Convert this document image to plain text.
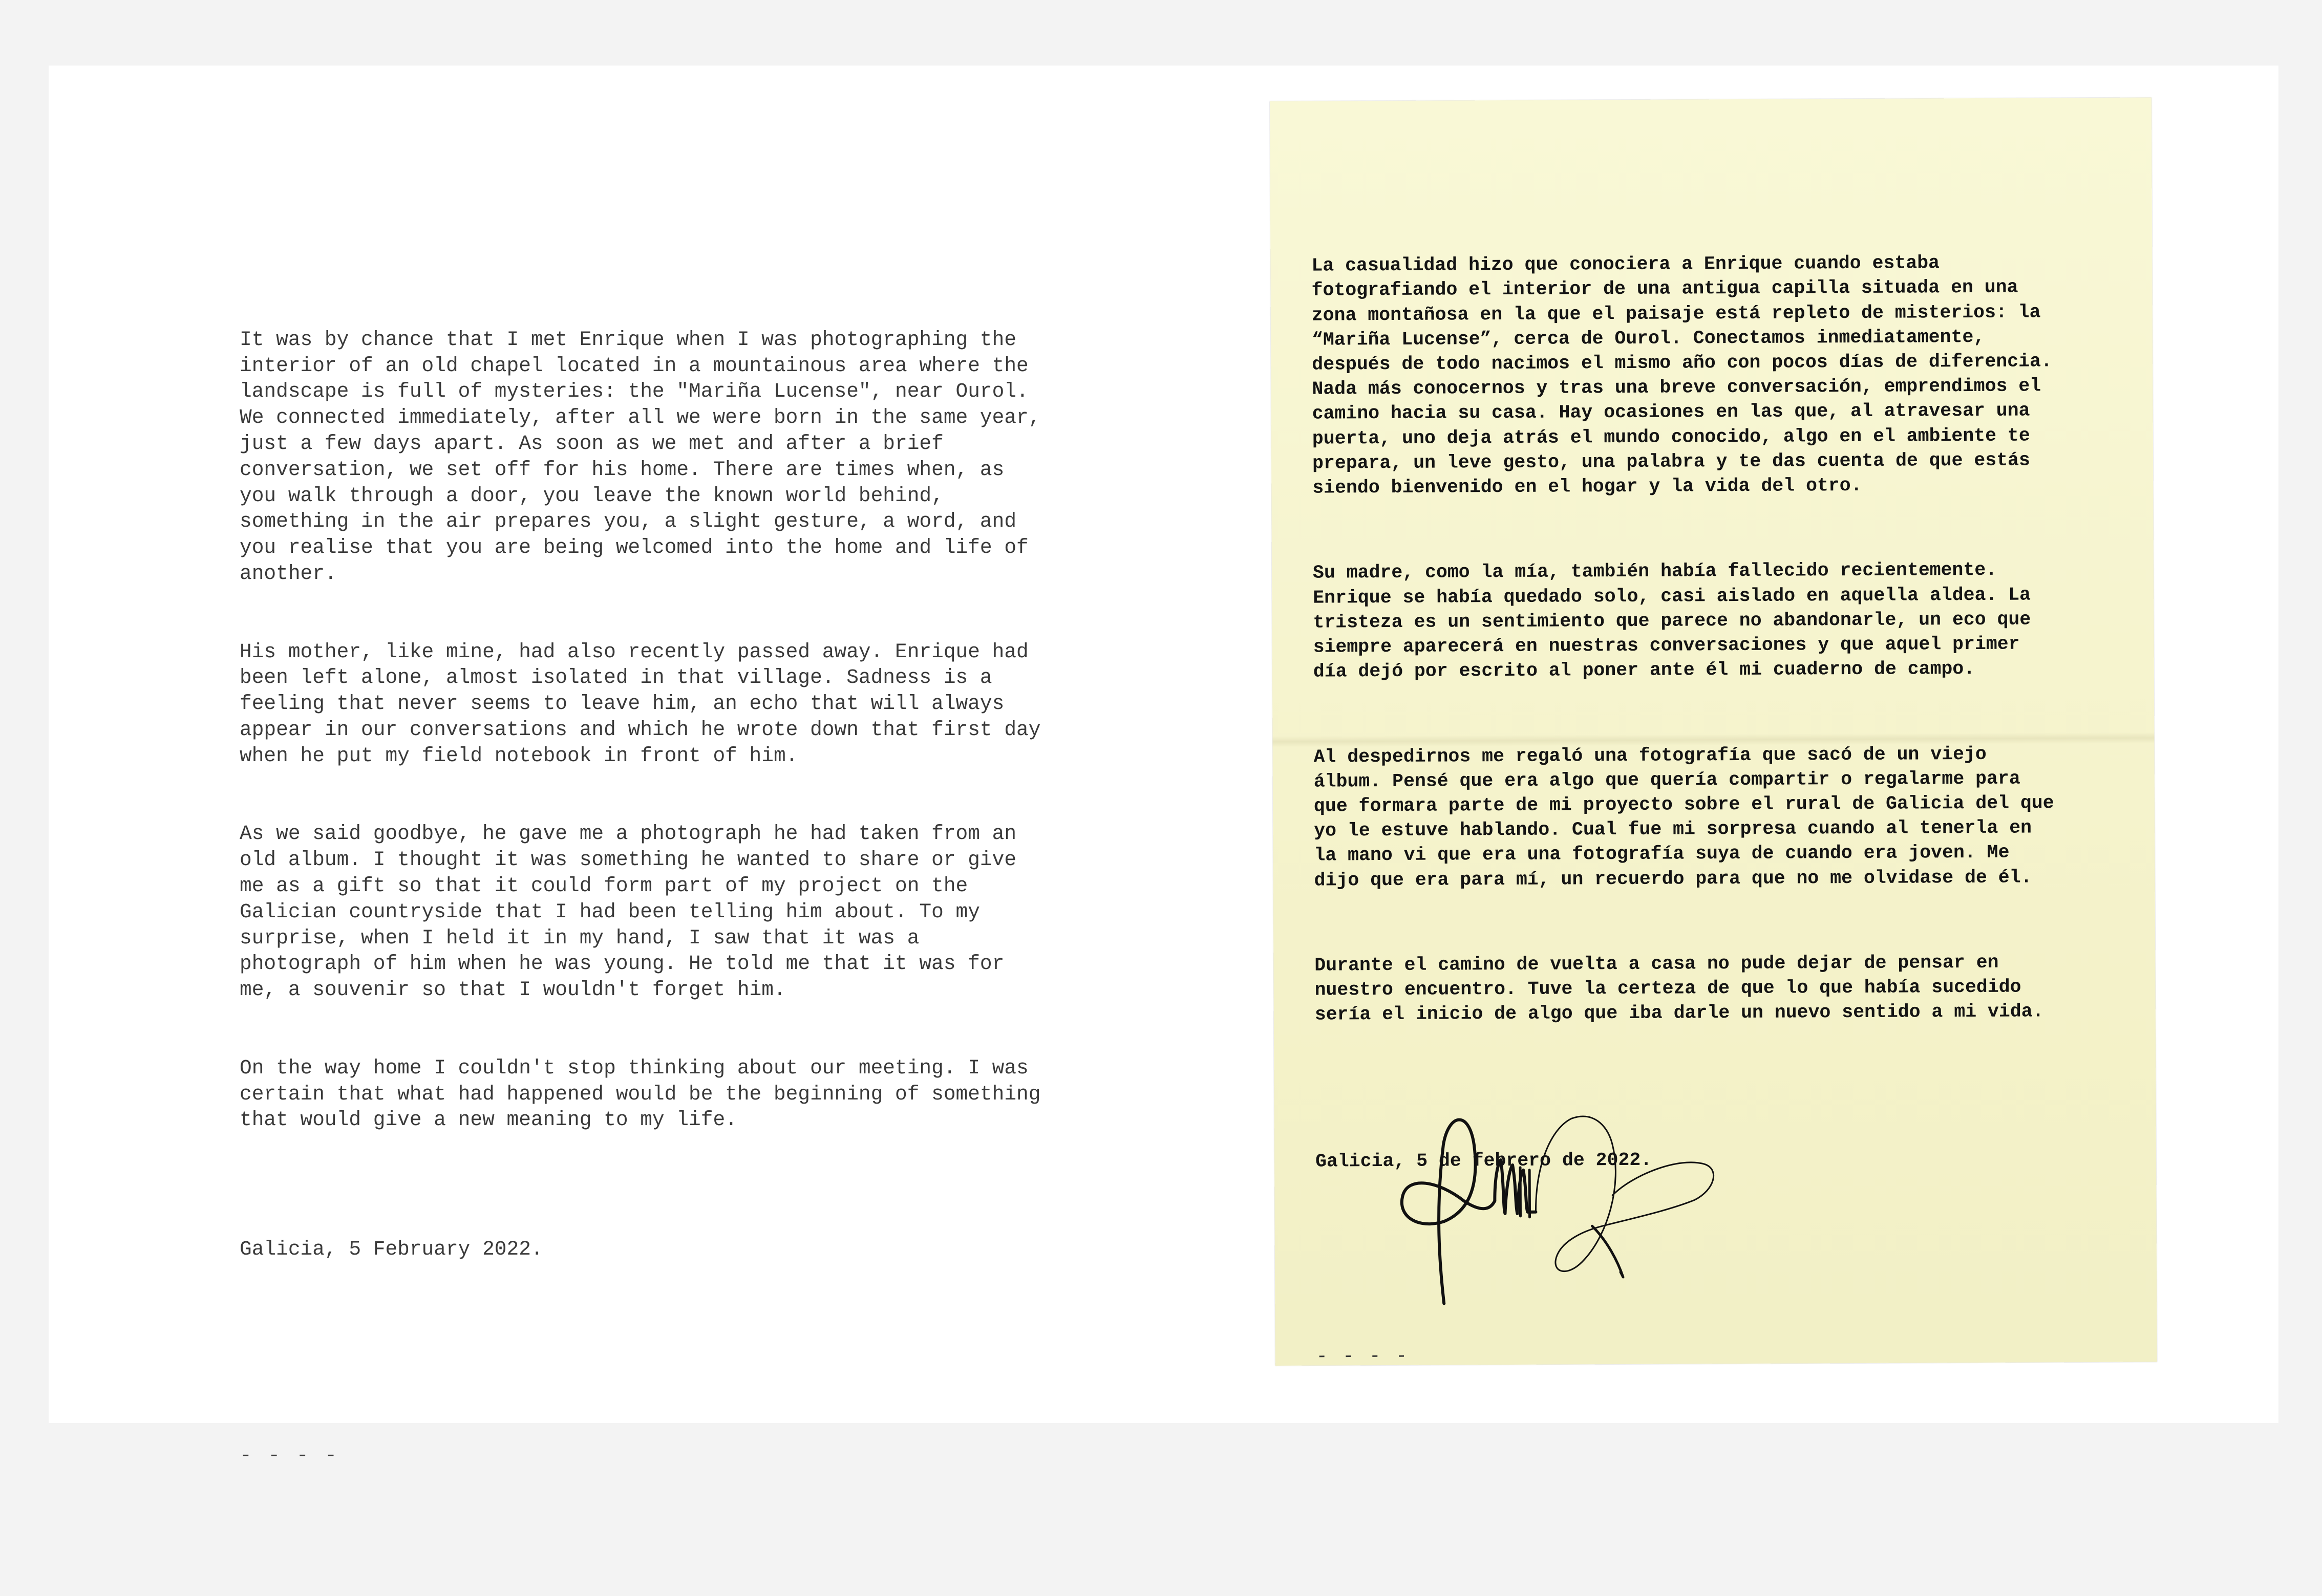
It was by chance that I met Enrique when I was photographing the
interior of an old chapel located in a mountainous area where the
landscape is full of mysteries: the "Mariña Lucense", near Ourol.
We connected immediately, after all we were born in the same year,
just a few days apart. As soon as we met and after a brief
conversation, we set off for his home. There are times when, as
you walk through a door, you leave the known world behind,
something in the air prepares you, a slight gesture, a word, and
you realise that you are being welcomed into the home and life of
another.

His mother, like mine, had also recently passed away. Enrique had
been left alone, almost isolated in that village. Sadness is a
feeling that never seems to leave him, an echo that will always
appear in our conversations and which he wrote down that first day
when he put my field notebook in front of him.

As we said goodbye, he gave me a photograph he had taken from an
old album. I thought it was something he wanted to share or give
me as a gift so that it could form part of my project on the
Galician countryside that I had been telling him about. To my
surprise, when I held it in my hand, I saw that it was a
photograph of him when he was young. He told me that it was for
me, a souvenir so that I wouldn't forget him.

On the way home I couldn't stop thinking about our meeting. I was
certain that what had happened would be the beginning of something
that would give a new meaning to my life.

Galicia, 5 February 2022.

- - - -

La casualidad hizo que conociera a Enrique cuando estaba
fotografiando el interior de una antigua capilla situada en una
zona montañosa en la que el paisaje está repleto de misterios: la
“Mariña Lucense”, cerca de Ourol. Conectamos inmediatamente,
después de todo nacimos el mismo año con pocos días de diferencia.
Nada más conocernos y tras una breve conversación, emprendimos el
camino hacia su casa. Hay ocasiones en las que, al atravesar una
puerta, uno deja atrás el mundo conocido, algo en el ambiente te
prepara, un leve gesto, una palabra y te das cuenta de que estás
siendo bienvenido en el hogar y la vida del otro.

Su madre, como la mía, también había fallecido recientemente.
Enrique se había quedado solo, casi aislado en aquella aldea. La
tristeza es un sentimiento que parece no abandonarle, un eco que
siempre aparecerá en nuestras conversaciones y que aquel primer
día dejó por escrito al poner ante él mi cuaderno de campo.

Al despedirnos me regaló una fotografía que sacó de un viejo
álbum. Pensé que era algo que quería compartir o regalarme para
que formara parte de mi proyecto sobre el rural de Galicia del que
yo le estuve hablando. Cual fue mi sorpresa cuando al tenerla en
la mano vi que era una fotografía suya de cuando era joven. Me
dijo que era para mí, un recuerdo para que no me olvidase de él.

Durante el camino de vuelta a casa no pude dejar de pensar en
nuestro encuentro. Tuve la certeza de que lo que había sucedido
sería el inicio de algo que iba darle un nuevo sentido a mi vida.

Galicia, 5 de febrero de 2022.

- - - -
